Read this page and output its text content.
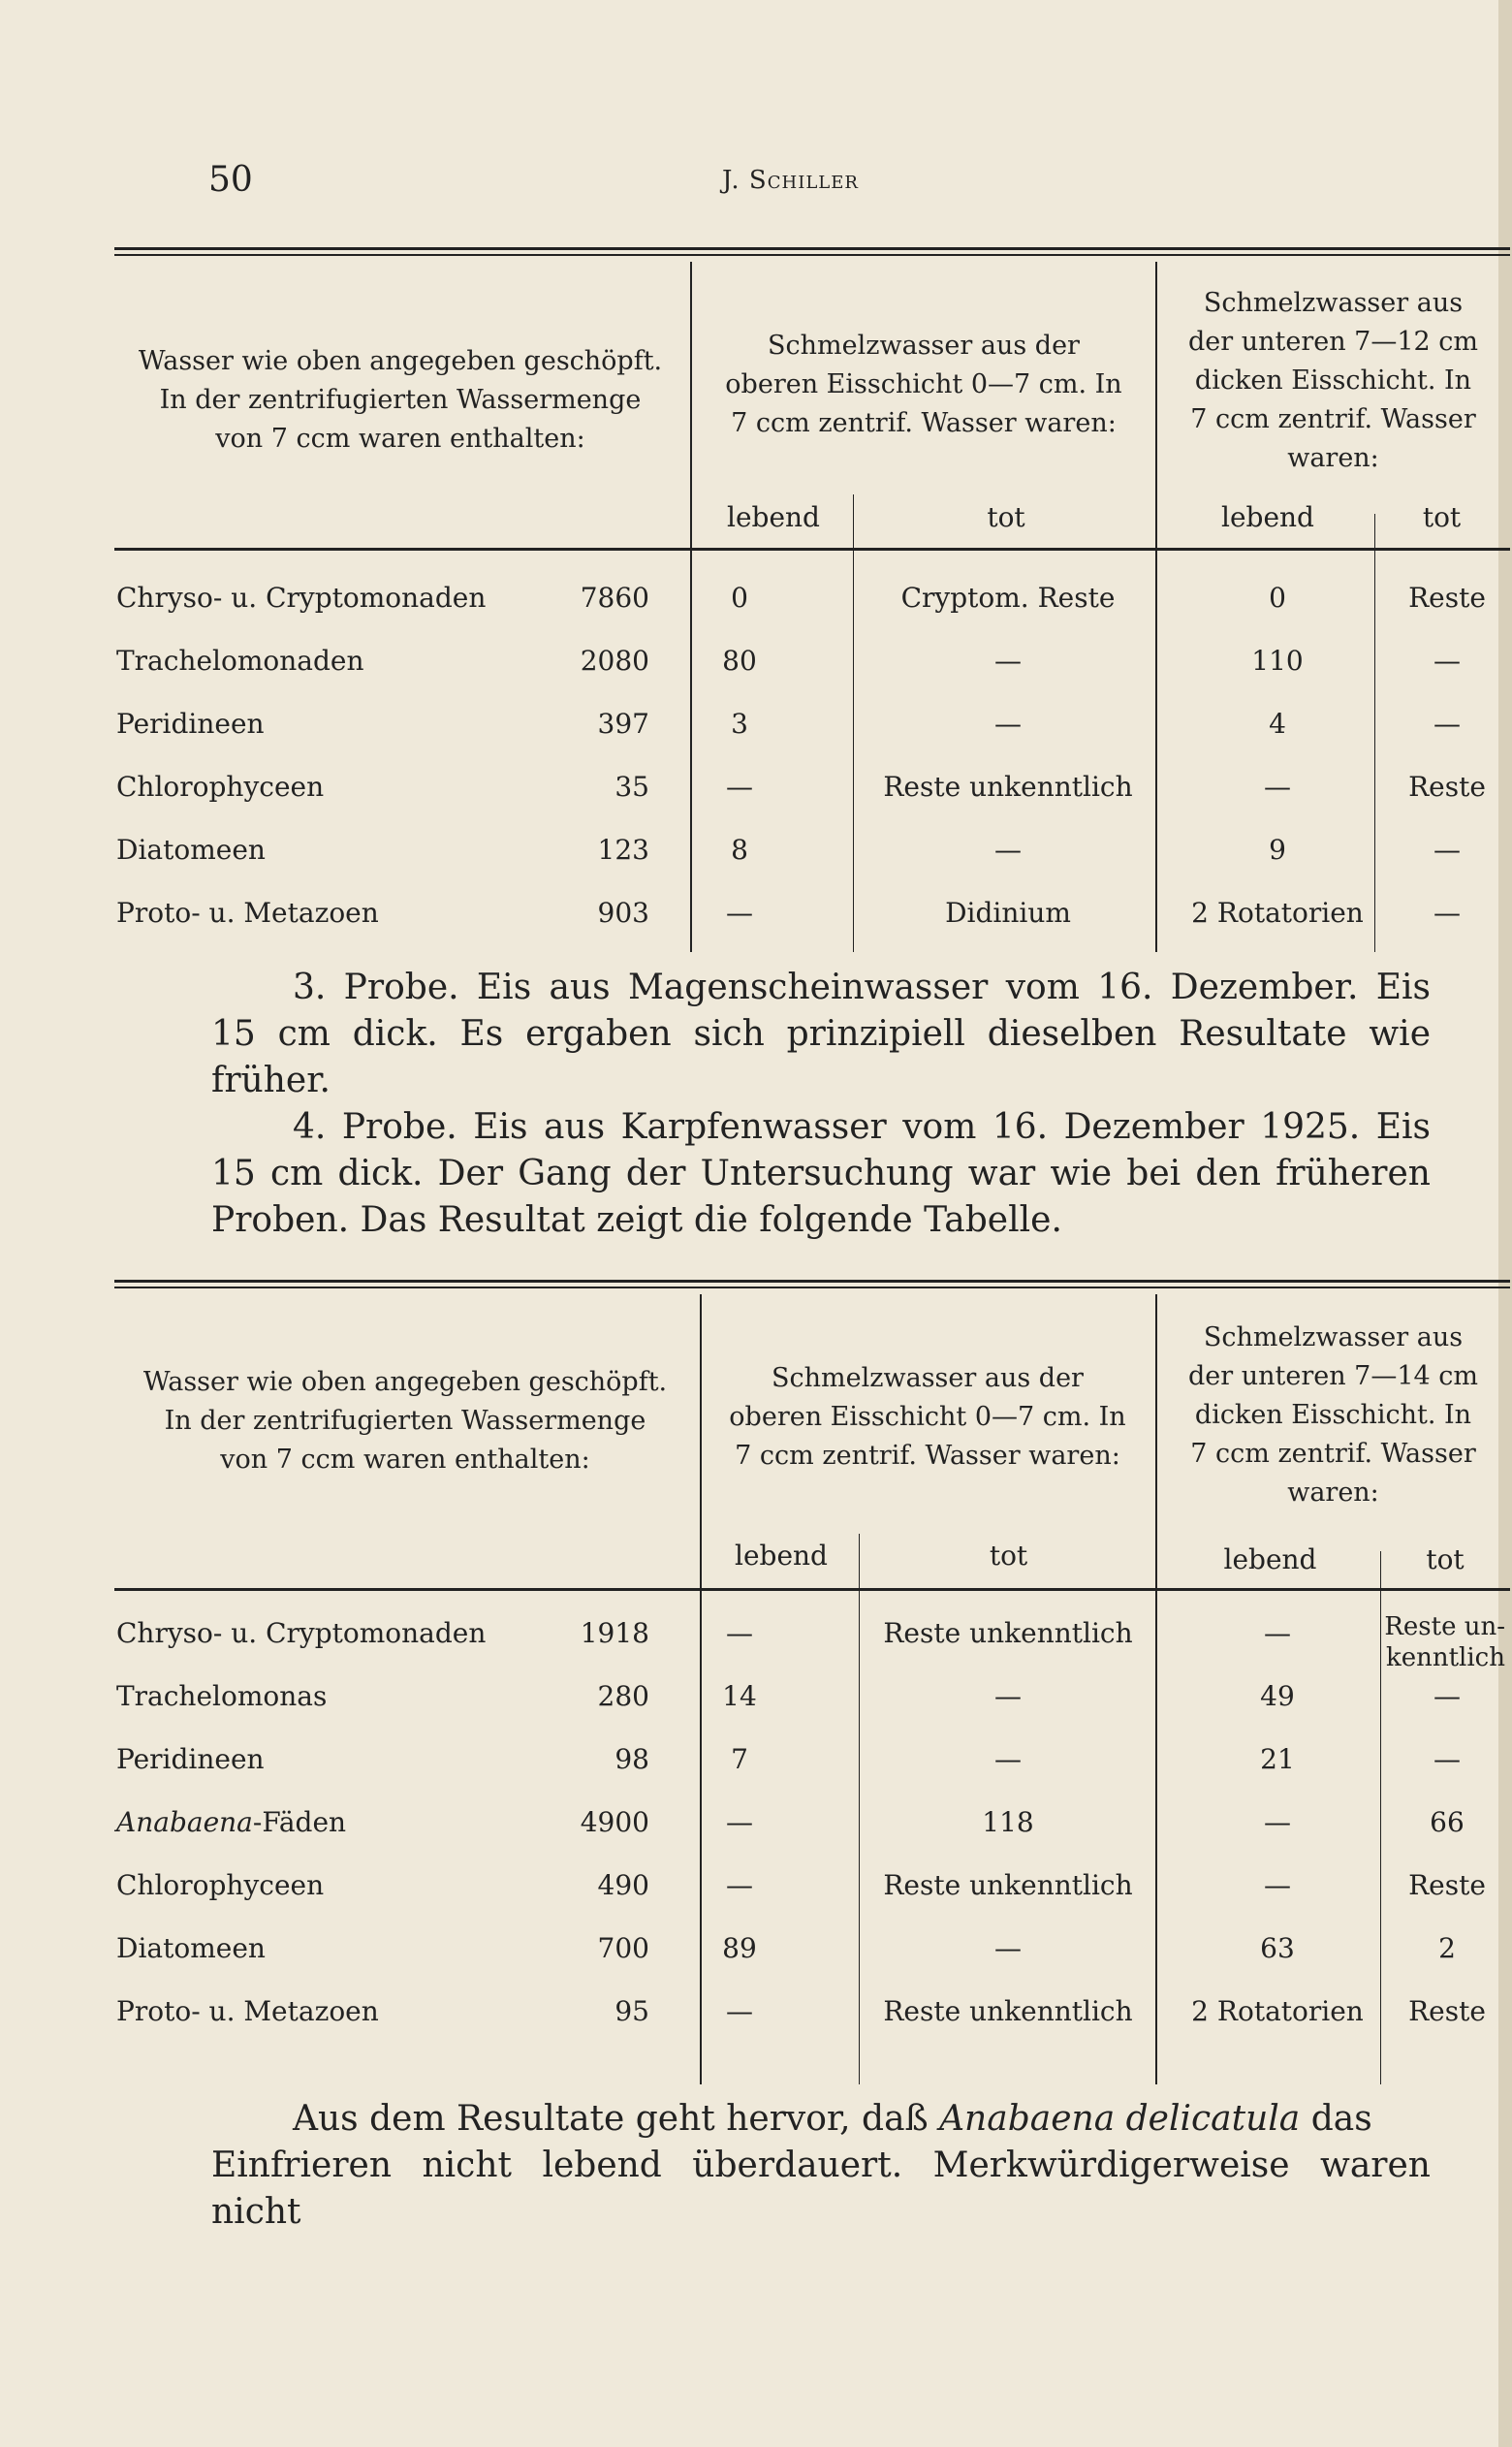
50	J. Schiller

Wasser wie oben angegeben geschöpft.

In der zentrifugierten Wassermenge

von 7 ccm waren enthalten:

Schmelzwasser aus der

oberen Eisschicht 0—7 cm. In

7 ccm zentrif. Wasser waren:

Schmelzwasser aus

der unteren 7—12 cm

dicken Eisschicht. In

7 ccm zentrif. Wasser

waren:

lebend	tot	lebend	tot
Chryso- u. Cryptomonaden	7860	0	Cryptom. Reste	0	Reste
Trachelomonaden	2080	80	—	110	—
Peridineen	397	3	—	4	—
Chlorophyceen	35	—	Reste unkenntlich	—	Reste
Diatomeen	123	8	—	9	—
Proto- u. Metazoen	903	—	Didinium	2 Rotatorien	—

3. Probe. Eis aus Magenscheinwasser vom 16. Dezember. Eis 15 cm dick. Es ergaben sich prinzipiell dieselben Resultate wie früher.

4. Probe. Eis aus Karpfenwasser vom 16. Dezember 1925. Eis 15 cm dick. Der Gang der Untersuchung war wie bei den früheren Proben. Das Resultat zeigt die folgende Tabelle.

Wasser wie oben angegeben geschöpft.

In der zentrifugierten Wassermenge

von 7 ccm waren enthalten:

Schmelzwasser aus der

oberen Eisschicht 0—7 cm. In

7 ccm zentrif. Wasser waren:

Schmelzwasser aus

der unteren 7—14 cm

dicken Eisschicht. In

7 ccm zentrif. Wasser

waren:

lebend	tot	lebend	tot
Chryso- u. Cryptomonaden	1918	—	Reste unkenntlich	—	Reste un-kenntlich
Trachelomonas	280	14	—	49	—
Peridineen	98	7	—	21	—
Anabaena-Fäden	4900	—	118	—	66
Chlorophyceen	490	—	Reste unkenntlich	—	Reste
Diatomeen	700	89	—	63	2
Proto- u. Metazoen	95	—	Reste unkenntlich	2 Rotatorien	Reste

Aus dem Resultate geht hervor, daß Anabaena delicatula das

Einfrieren nicht lebend überdauert. Merkwürdigerweise waren nicht
